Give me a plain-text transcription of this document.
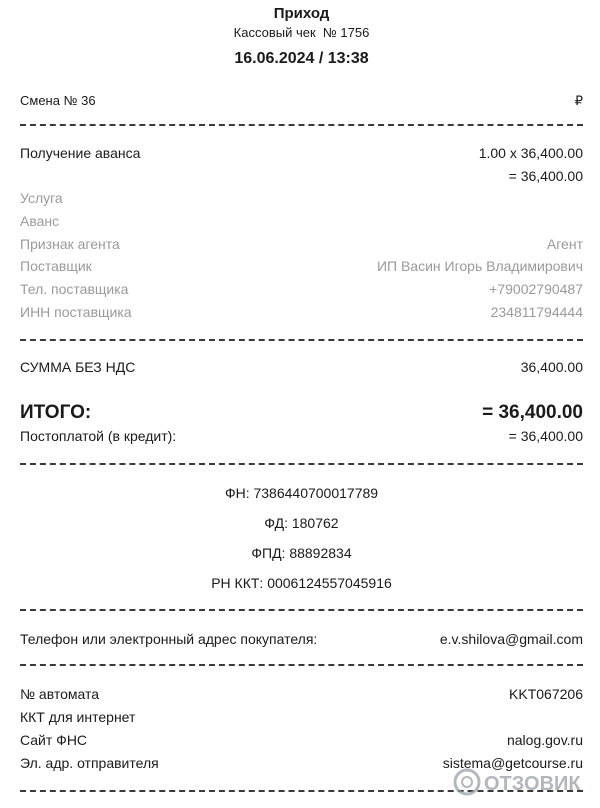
Приход
Кассовый чек № 1756
16.06.2024 / 13:38
Смена № 36	₽
Получение аванса	1.00 x 36,400.00
= 36,400.00
Услуга
Аванс
Признак агента	Агент
Поставщик	ИП Васин Игорь Владимирович
Тел. поставщика	+79002790487
ИНН поставщика	234811794444
СУММА БЕЗ НДС	36,400.00
ИТОГО:	= 36,400.00
Постоплатой (в кредит):	= 36,400.00
ФН: 7386440700017789
ФД: 180762
ФПД: 88892834
РН ККТ: 0006124557045916
Телефон или электронный адрес покупателя:	e.v.shilova@gmail.com
№ автомата	KKT067206
ККТ для интернет
Сайт ФНС	nalog.gov.ru
Эл. адр. отправителя	sistema@getcourse.ru
ОТЗОВИК
